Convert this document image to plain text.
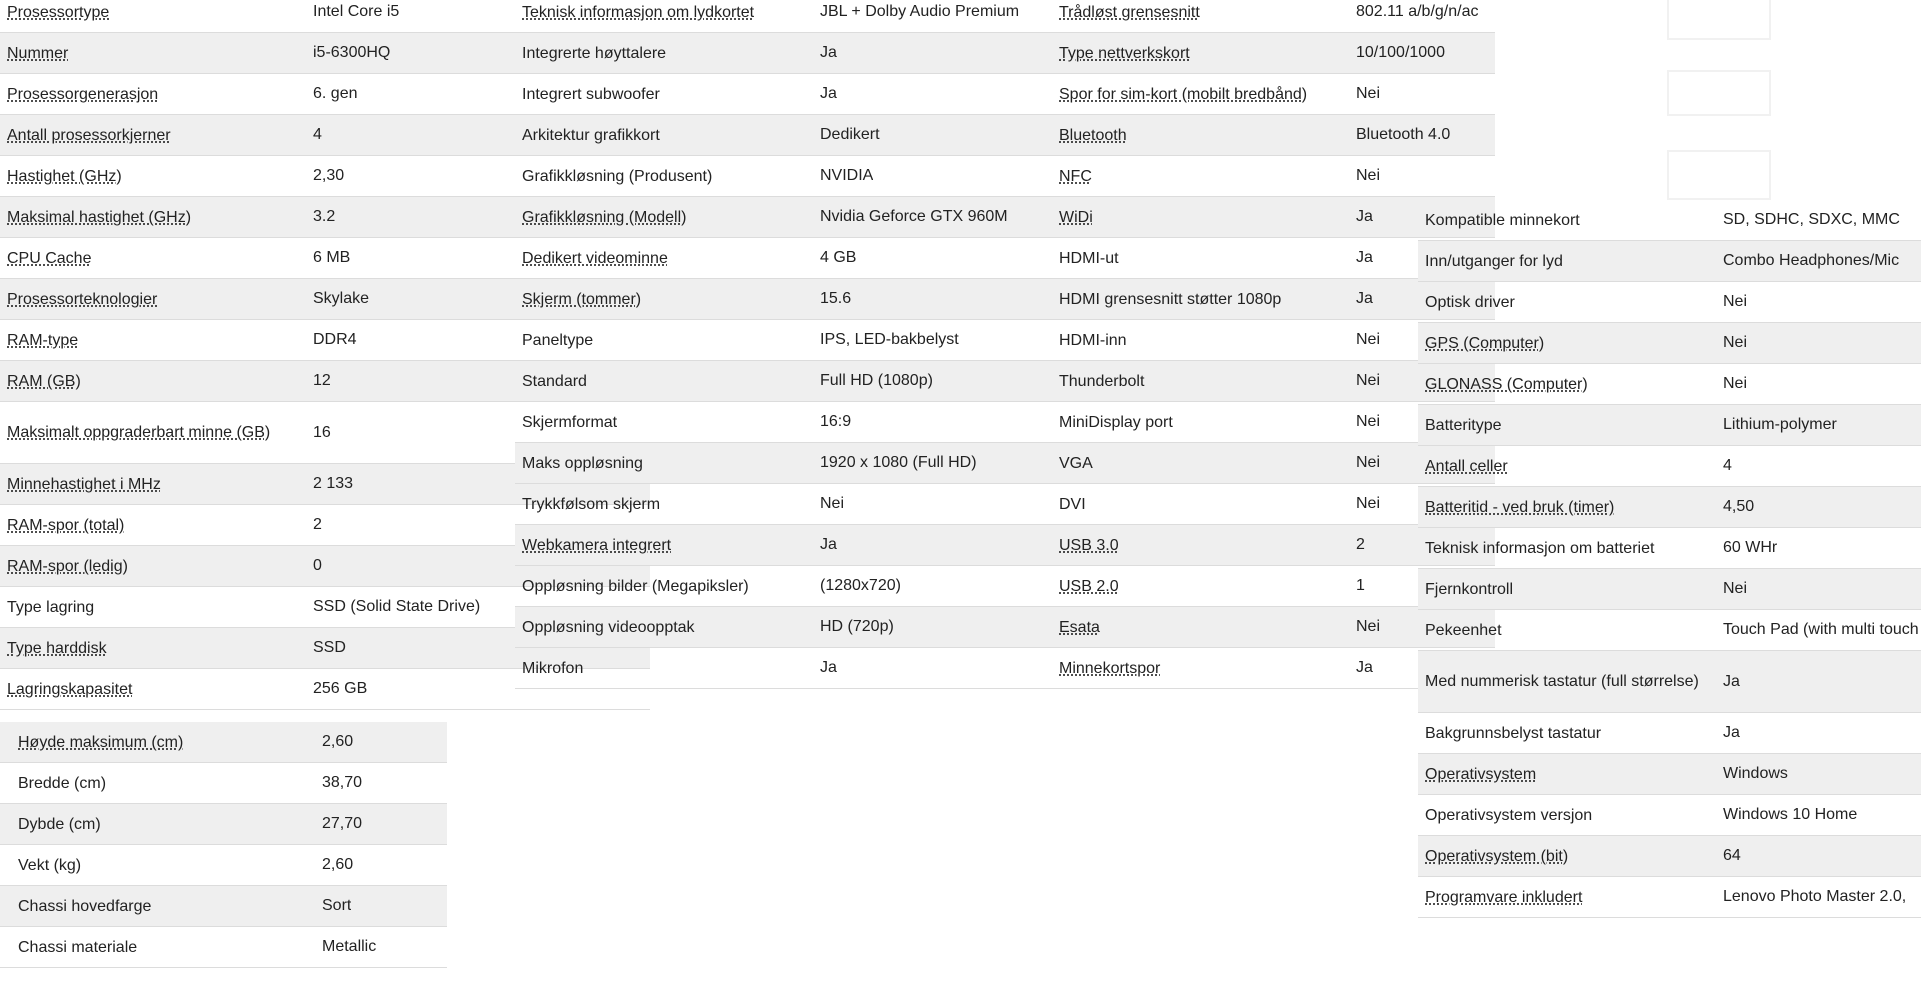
Prosessortype	Intel Core i5
Nummer	i5-6300HQ
Prosessorgenerasjon	6. gen
Antall prosessorkjerner	4
Hastighet (GHz)	2,30
Maksimal hastighet (GHz)	3.2
CPU Cache	6 MB
Prosessorteknologier	Skylake
RAM-type	DDR4
RAM (GB)	12
Maksimalt oppgraderbart minne (GB)	16
Minnehastighet i MHz	2 133
RAM-spor (total)	2
RAM-spor (ledig)	0
Type lagring	SSD (Solid State Drive)
Type harddisk	SSD
Lagringskapasitet	256 GB
Teknisk informasjon om lydkortet	JBL + Dolby Audio Premium
Integrerte høyttalere	Ja
Integrert subwoofer	Ja
Arkitektur grafikkort	Dedikert
Grafikkløsning (Produsent)	NVIDIA
Grafikkløsning (Modell)	Nvidia Geforce GTX 960M
Dedikert videominne	4 GB
Skjerm (tommer)	15.6
Paneltype	IPS, LED-bakbelyst
Standard	Full HD (1080p)
Skjermformat	16:9
Maks oppløsning	1920 x 1080 (Full HD)
Trykkfølsom skjerm	Nei
Webkamera integrert	Ja
Oppløsning bilder (Megapiksler)	(1280x720)
Oppløsning videoopptak	HD (720p)
Mikrofon	Ja
Trådløst grensesnitt	802.11 a/b/g/n/ac
Type nettverkskort	10/100/1000
Spor for sim-kort (mobilt bredbånd)	Nei
Bluetooth	Bluetooth 4.0
NFC	Nei
WiDi	Ja
HDMI-ut	Ja
HDMI grensesnitt støtter 1080p	Ja
HDMI-inn	Nei
Thunderbolt	Nei
MiniDisplay port	Nei
VGA	Nei
DVI	Nei
USB 3.0	2
USB 2.0	1
Esata	Nei
Minnekortspor	Ja
Kompatible minnekort	SD, SDHC, SDXC, MMC
Inn/utganger for lyd	Combo Headphones/Mic
Optisk driver	Nei
GPS (Computer)	Nei
GLONASS (Computer)	Nei
Batteritype	Lithium-polymer
Antall celler	4
Batteritid - ved bruk (timer)	4,50
Teknisk informasjon om batteriet	60 WHr
Fjernkontroll	Nei
Pekeenhet	Touch Pad (with multi touch
Med nummerisk tastatur (full størrelse)	Ja
Bakgrunnsbelyst tastatur	Ja
Operativsystem	Windows
Operativsystem versjon	Windows 10 Home
Operativsystem (bit)	64
Programvare inkludert	Lenovo Photo Master 2.0,
Høyde maksimum (cm)	2,60
Bredde (cm)	38,70
Dybde (cm)	27,70
Vekt (kg)	2,60
Chassi hovedfarge	Sort
Chassi materiale	Metallic
